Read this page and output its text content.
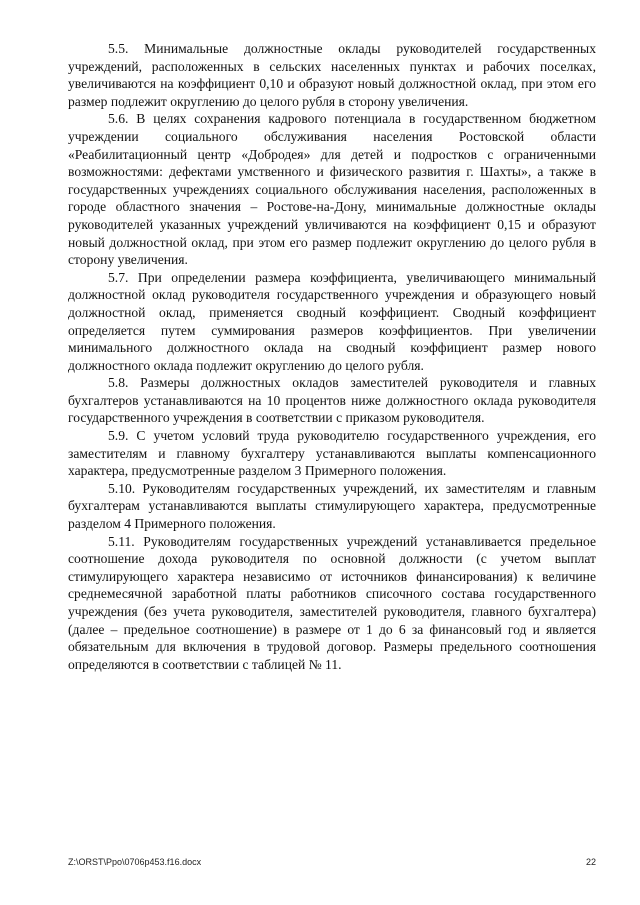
5.5. Минимальные должностные оклады руководителей государственных учреждений, расположенных в сельских населенных пунктах и рабочих поселках, увеличиваются на коэффициент 0,10 и образуют новый должностной оклад, при этом его размер подлежит округлению до целого рубля в сторону увеличения.

5.6. В целях сохранения кадрового потенциала в государственном бюджетном учреждении социального обслуживания населения Ростовской области «Реабилитационный центр «Добродея» для детей и подростков с ограниченными возможностями: дефектами умственного и физического развития г. Шахты», а также в государственных учреждениях социального обслуживания населения, расположенных в городе областного значения – Ростове-на-Дону, минимальные должностные оклады руководителей указанных учреждений увличиваются на коэффициент 0,15 и образуют новый должностной оклад, при этом его размер подлежит округлению до целого рубля в сторону увеличения.

5.7. При определении размера коэффициента, увеличивающего минимальный должностной оклад руководителя государственного учреждения и образующего новый должностной оклад, применяется сводный коэффициент. Сводный коэффициент определяется путем суммирования размеров коэффициентов. При увеличении минимального должностного оклада на сводный коэффициент размер нового должностного оклада подлежит округлению до целого рубля.

5.8. Размеры должностных окладов заместителей руководителя и главных бухгалтеров устанавливаются на 10 процентов ниже должностного оклада руководителя государственного учреждения в соответствии с приказом руководителя.

5.9. С учетом условий труда руководителю государственного учреждения, его заместителям и главному бухгалтеру устанавливаются выплаты компенсационного характера, предусмотренные разделом 3 Примерного положения.

5.10. Руководителям государственных учреждений, их заместителям и главным бухгалтерам устанавливаются выплаты стимулирующего характера, предусмотренные разделом 4 Примерного положения.

5.11. Руководителям государственных учреждений устанавливается предельное соотношение дохода руководителя по основной должности (с учетом выплат стимулирующего характера независимо от источников финансирования) к величине среднемесячной заработной платы работников списочного состава государственного учреждения (без учета руководителя, заместителей руководителя, главного бухгалтера) (далее – предельное соотношение) в размере от 1 до 6 за финансовый год и является обязательным для включения в трудовой договор. Размеры предельного соотношения определяются в соответствии с таблицей № 11.

Z:\ORST\Ppo\0706p453.f16.docx	22
